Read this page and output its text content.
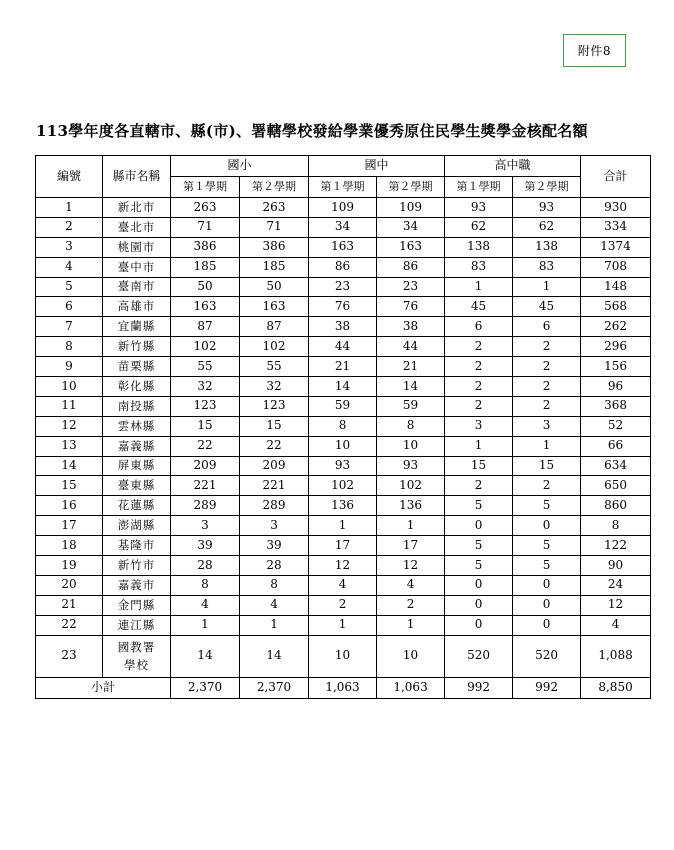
附件8
113學年度各直轄市、縣(市)、署轄學校發給學業優秀原住民學生獎學金核配名額
編號	縣市名稱	國小		國中		高中職		合計
		第１學期	第２學期	第１學期	第２學期	第１學期	第２學期	
1	新北市	263	263	109	109	93	93	930
2	臺北市	71	71	34	34	62	62	334
3	桃園市	386	386	163	163	138	138	1374
4	臺中市	185	185	86	86	83	83	708
5	臺南市	50	50	23	23	1	1	148
6	高雄市	163	163	76	76	45	45	568
7	宜蘭縣	87	87	38	38	6	6	262
8	新竹縣	102	102	44	44	2	2	296
9	苗栗縣	55	55	21	21	2	2	156
10	彰化縣	32	32	14	14	2	2	96
11	南投縣	123	123	59	59	2	2	368
12	雲林縣	15	15	8	8	3	3	52
13	嘉義縣	22	22	10	10	1	1	66
14	屏東縣	209	209	93	93	15	15	634
15	臺東縣	221	221	102	102	2	2	650
16	花蓮縣	289	289	136	136	5	5	860
17	澎湖縣	3	3	1	1	0	0	8
18	基隆市	39	39	17	17	5	5	122
19	新竹市	28	28	12	12	5	5	90
20	嘉義市	8	8	4	4	0	0	24
21	金門縣	4	4	2	2	0	0	12
22	連江縣	1	1	1	1	0	0	4
23	國教署
學校	14	14	10	10	520	520	1,088
小計		2,370	2,370	1,063	1,063	992	992	8,850
